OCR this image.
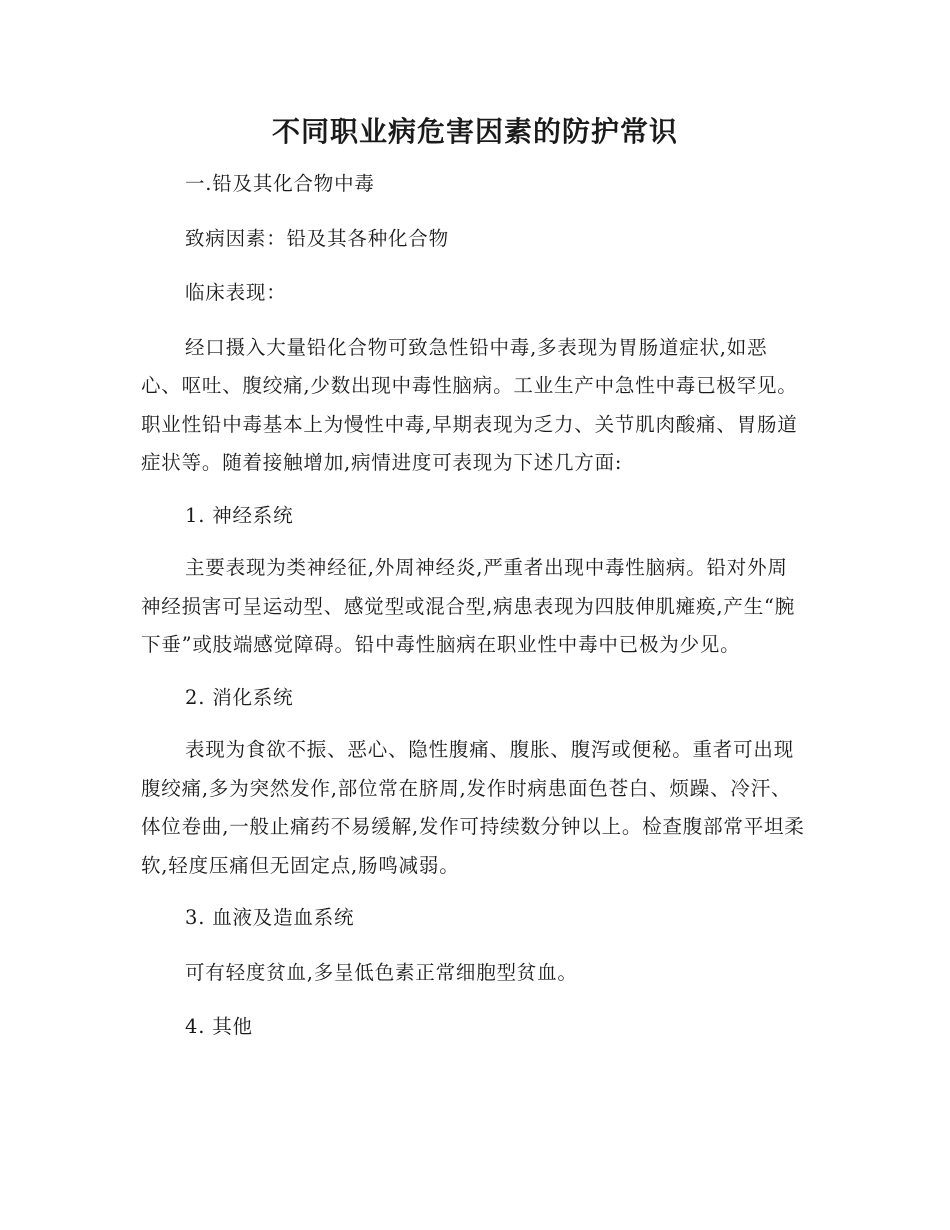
不同职业病危害因素的防护常识

一.铅及其化合物中毒

致病因素：铅及其各种化合物

临床表现：

经口摄入大量铅化合物可致急性铅中毒,多表现为胃肠道症状,如恶心、呕吐、腹绞痛,少数出现中毒性脑病。工业生产中急性中毒已极罕见。职业性铅中毒基本上为慢性中毒,早期表现为乏力、关节肌肉酸痛、胃肠道症状等。随着接触增加,病情进度可表现为下述几方面:

1. 神经系统

主要表现为类神经征,外周神经炎,严重者出现中毒性脑病。铅对外周神经损害可呈运动型、感觉型或混合型,病患表现为四肢伸肌瘫痪,产生“腕下垂”或肢端感觉障碍。铅中毒性脑病在职业性中毒中已极为少见。

2. 消化系统

表现为食欲不振、恶心、隐性腹痛、腹胀、腹泻或便秘。重者可出现腹绞痛,多为突然发作,部位常在脐周,发作时病患面色苍白、烦躁、冷汗、体位卷曲,一般止痛药不易缓解,发作可持续数分钟以上。检查腹部常平坦柔软,轻度压痛但无固定点,肠鸣减弱。

3. 血液及造血系统

可有轻度贫血,多呈低色素正常细胞型贫血。

4. 其他
